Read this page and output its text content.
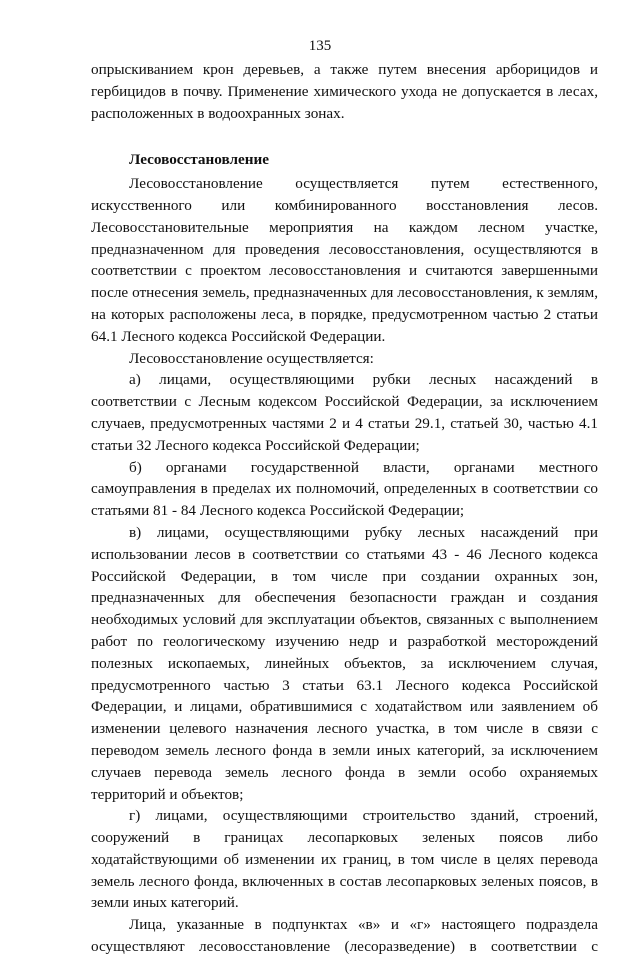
135

опрыскиванием крон деревьев, а также путем внесения арборицидов и гербицидов в почву. Применение химического ухода не допускается в лесах, расположенных в водоохранных зонах.

Лесовосстановление

Лесовосстановление осуществляется путем естественного, искусственного или комбинированного восстановления лесов. Лесовосстановительные мероприятия на каждом лесном участке, предназначенном для проведения лесовосстановления, осуществляются в соответствии с проектом лесовосстановления и считаются завершенными после отнесения земель, предназначенных для лесовосстановления, к землям, на которых расположены леса, в порядке, предусмотренном частью 2 статьи 64.1 Лесного кодекса Российской Федерации.

Лесовосстановление осуществляется:

а) лицами, осуществляющими рубки лесных насаждений в соответствии с Лесным кодексом Российской Федерации, за исключением случаев, предусмотренных частями 2 и 4 статьи 29.1, статьей 30, частью 4.1 статьи 32 Лесного кодекса Российской Федерации;

б) органами государственной власти, органами местного самоуправления в пределах их полномочий, определенных в соответствии со статьями 81 - 84 Лесного кодекса Российской Федерации;

в) лицами, осуществляющими рубку лесных насаждений при использовании лесов в соответствии со статьями 43 - 46 Лесного кодекса Российской Федерации, в том числе при создании охранных зон, предназначенных для обеспечения безопасности граждан и создания необходимых условий для эксплуатации объектов, связанных с выполнением работ по геологическому изучению недр и разработкой месторождений полезных ископаемых, линейных объектов, за исключением случая, предусмотренного частью 3 статьи 63.1 Лесного кодекса Российской Федерации, и лицами, обратившимися с ходатайством или заявлением об изменении целевого назначения лесного участка, в том числе в связи с переводом земель лесного фонда в земли иных категорий, за исключением случаев перевода земель лесного фонда в земли особо охраняемых территорий и объектов;

г) лицами, осуществляющими строительство зданий, строений, сооружений в границах лесопарковых зеленых поясов либо ходатайствующими об изменении их границ, в том числе в целях перевода земель лесного фонда, включенных в состав лесопарковых зеленых поясов, в земли иных категорий.

Лица, указанные в подпунктах «в» и «г» настоящего подраздела осуществляют лесовосстановление (лесоразведение) в соответствии с
